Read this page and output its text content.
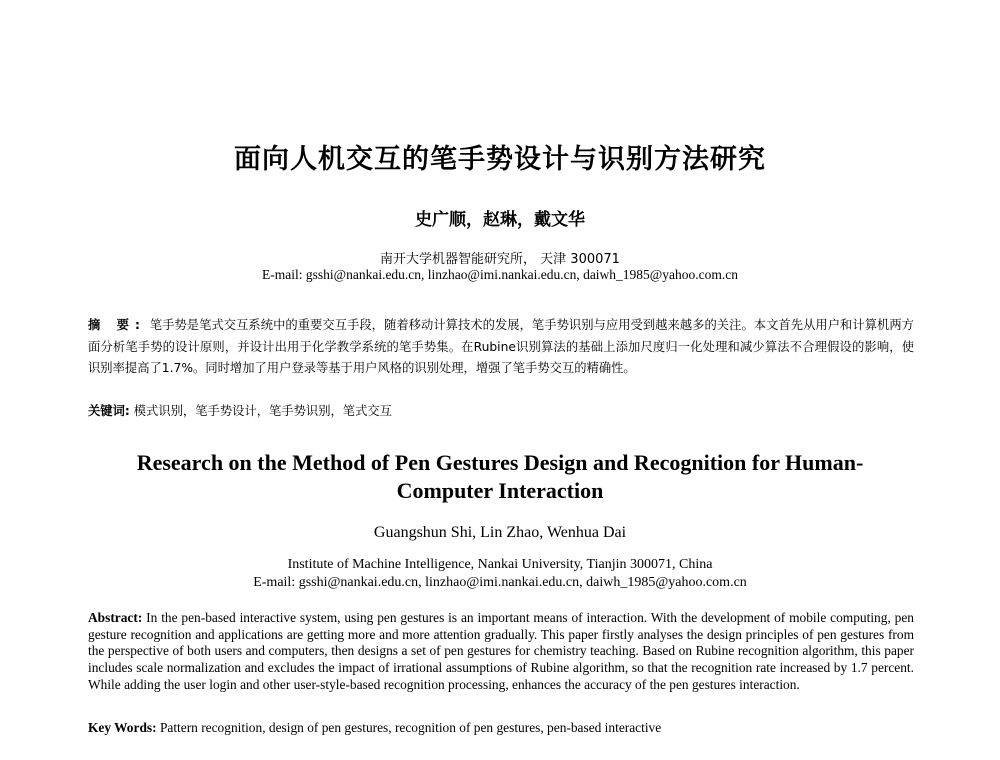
面向人机交互的笔手势设计与识别方法研究
史广顺，赵琳，戴文华
南开大学机器智能研究所， 天津 300071
E-mail: gsshi@nankai.edu.cn, linzhao@imi.nankai.edu.cn, daiwh_1985@yahoo.com.cn
摘 要: 笔手势是笔式交互系统中的重要交互手段，随着移动计算技术的发展，笔手势识别与应用受到越来越多的关注。本文首先从用户和计算机两方面分析笔手势的设计原则，并设计出用于化学教学系统的笔手势集。在Rubine识别算法的基础上添加尺度归一化处理和减少算法不合理假设的影响，使识别率提高了1.7%。同时增加了用户登录等基于用户风格的识别处理，增强了笔手势交互的精确性。
关键词: 模式识别，笔手势设计，笔手势识别，笔式交互
Research on the Method of Pen Gestures Design and Recognition for Human-Computer Interaction
Guangshun Shi, Lin Zhao, Wenhua Dai
Institute of Machine Intelligence, Nankai University, Tianjin 300071, China
E-mail: gsshi@nankai.edu.cn, linzhao@imi.nankai.edu.cn, daiwh_1985@yahoo.com.cn
Abstract: In the pen-based interactive system, using pen gestures is an important means of interaction. With the development of mobile computing, pen gesture recognition and applications are getting more and more attention gradually. This paper firstly analyses the design principles of pen gestures from the perspective of both users and computers, then designs a set of pen gestures for chemistry teaching. Based on Rubine recognition algorithm, this paper includes scale normalization and excludes the impact of irrational assumptions of Rubine algorithm, so that the recognition rate increased by 1.7 percent. While adding the user login and other user-style-based recognition processing, enhances the accuracy of the pen gestures interaction.
Key Words: Pattern recognition, design of pen gestures, recognition of pen gestures, pen-based interactive
